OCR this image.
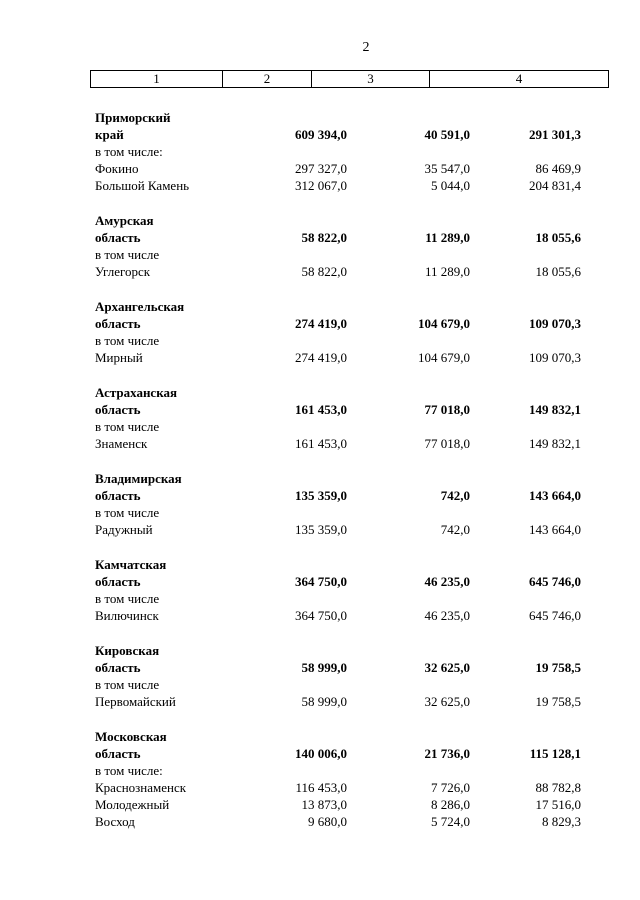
2
1	2	3	4
Приморский
край	609 394,0	40 591,0	291 301,3
в том числе:
Фокино	297 327,0	35 547,0	86 469,9
Большой Камень	312 067,0	5 044,0	204 831,4
Амурская
область	58 822,0	11 289,0	18 055,6
в том числе
Углегорск	58 822,0	11 289,0	18 055,6
Архангельская
область	274 419,0	104 679,0	109 070,3
в том числе
Мирный	274 419,0	104 679,0	109 070,3
Астраханская
область	161 453,0	77 018,0	149 832,1
в том числе
Знаменск	161 453,0	77 018,0	149 832,1
Владимирская
область	135 359,0	742,0	143 664,0
в том числе
Радужный	135 359,0	742,0	143 664,0
Камчатская
область	364 750,0	46 235,0	645 746,0
в том числе
Вилючинск	364 750,0	46 235,0	645 746,0
Кировская
область	58 999,0	32 625,0	19 758,5
в том числе
Первомайский	58 999,0	32 625,0	19 758,5
Московская
область	140 006,0	21 736,0	115 128,1
в том числе:
Краснознаменск	116 453,0	7 726,0	88 782,8
Молодежный	13 873,0	8 286,0	17 516,0
Восход	9 680,0	5 724,0	8 829,3
